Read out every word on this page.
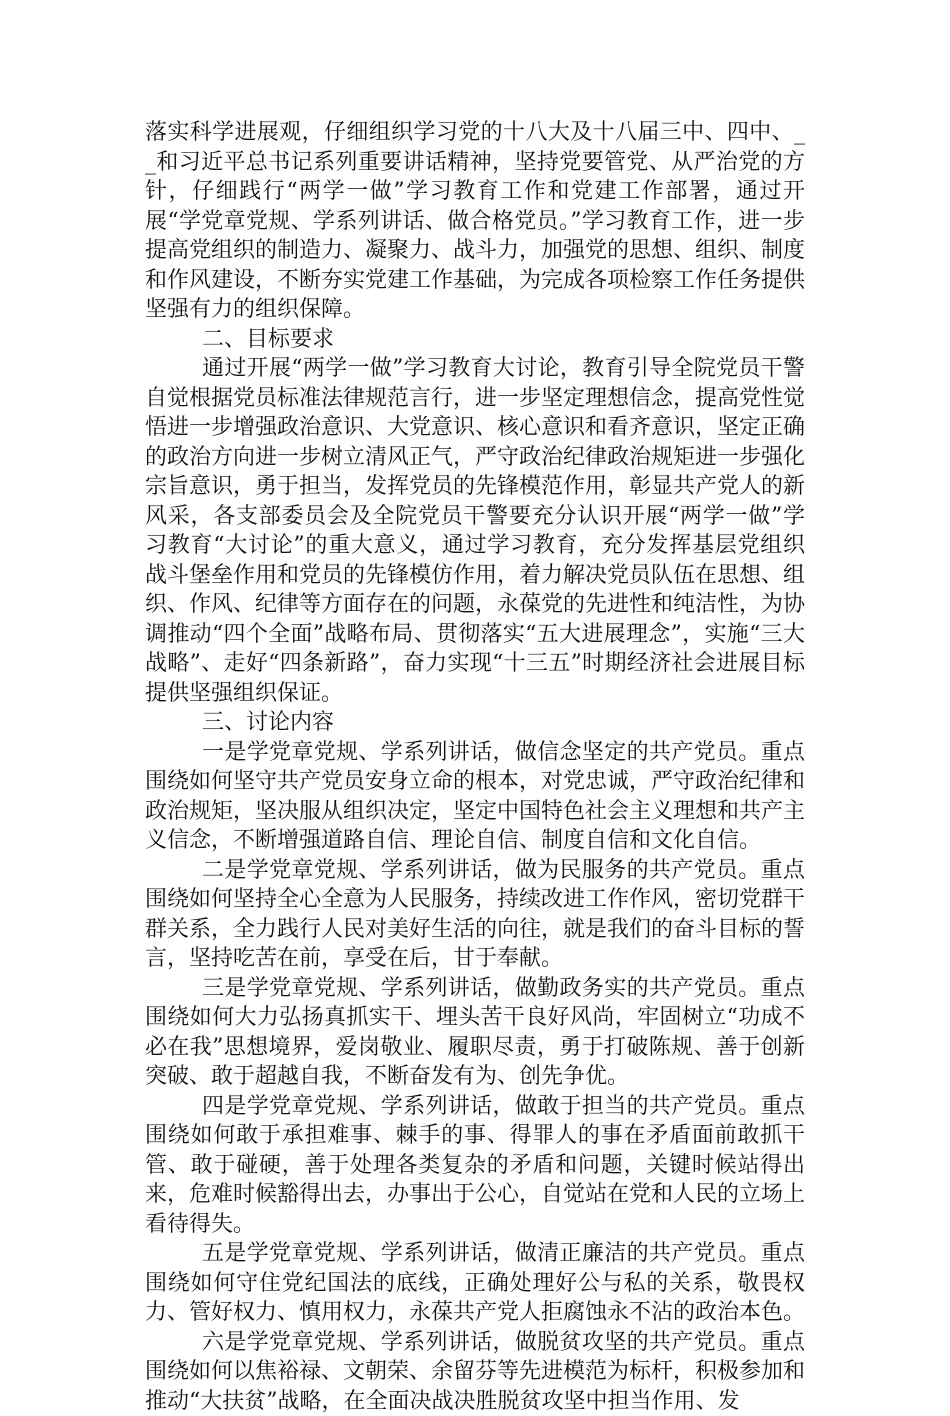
落实科学进展观，仔细组织学习党的十八大及十八届三中、四中、_ _和习近平总书记系列重要讲话精神，坚持党要管党、从严治党的方针，仔细践行“两学一做”学习教育工作和党建工作部署，通过开展“学党章党规、学系列讲话、做合格党员。”学习教育工作，进一步提高党组织的制造力、凝聚力、战斗力，加强党的思想、组织、制度和作风建设，不断夯实党建工作基础，为完成各项检察工作任务提供坚强有力的组织保障。

二、目标要求

通过开展“两学一做”学习教育大讨论，教育引导全院党员干警自觉根据党员标准法律规范言行，进一步坚定理想信念，提高党性觉悟进一步增强政治意识、大党意识、核心意识和看齐意识，坚定正确的政治方向进一步树立清风正气，严守政治纪律政治规矩进一步强化宗旨意识，勇于担当，发挥党员的先锋模范作用，彰显共产党人的新风采，各支部委员会及全院党员干警要充分认识开展“两学一做”学习教育“大讨论”的重大意义，通过学习教育，充分发挥基层党组织战斗堡垒作用和党员的先锋模仿作用，着力解决党员队伍在思想、组织、作风、纪律等方面存在的问题，永葆党的先进性和纯洁性，为协调推动“四个全面”战略布局、贯彻落实“五大进展理念”，实施“三大战略”、走好“四条新路”，奋力实现“十三五”时期经济社会进展目标提供坚强组织保证。

三、讨论内容

一是学党章党规、学系列讲话，做信念坚定的共产党员。重点围绕如何坚守共产党员安身立命的根本，对党忠诚，严守政治纪律和政治规矩，坚决服从组织决定，坚定中国特色社会主义理想和共产主义信念，不断增强道路自信、理论自信、制度自信和文化自信。

二是学党章党规、学系列讲话，做为民服务的共产党员。重点围绕如何坚持全心全意为人民服务，持续改进工作作风，密切党群干群关系，全力践行人民对美好生活的向往，就是我们的奋斗目标的誓言，坚持吃苦在前，享受在后，甘于奉献。

三是学党章党规、学系列讲话，做勤政务实的共产党员。重点围绕如何大力弘扬真抓实干、埋头苦干良好风尚，牢固树立“功成不必在我”思想境界，爱岗敬业、履职尽责，勇于打破陈规、善于创新突破、敢于超越自我，不断奋发有为、创先争优。

四是学党章党规、学系列讲话，做敢于担当的共产党员。重点围绕如何敢于承担难事、棘手的事、得罪人的事在矛盾面前敢抓干管、敢于碰硬，善于处理各类复杂的矛盾和问题，关键时候站得出来，危难时候豁得出去，办事出于公心，自觉站在党和人民的立场上看待得失。

五是学党章党规、学系列讲话，做清正廉洁的共产党员。重点围绕如何守住党纪国法的底线，正确处理好公与私的关系，敬畏权力、管好权力、慎用权力，永葆共产党人拒腐蚀永不沾的政治本色。

六是学党章党规、学系列讲话，做脱贫攻坚的共产党员。重点围绕如何以焦裕禄、文朝荣、余留芬等先进模范为标杆，积极参加和推动“大扶贫”战略，在全面决战决胜脱贫攻坚中担当作用、发
